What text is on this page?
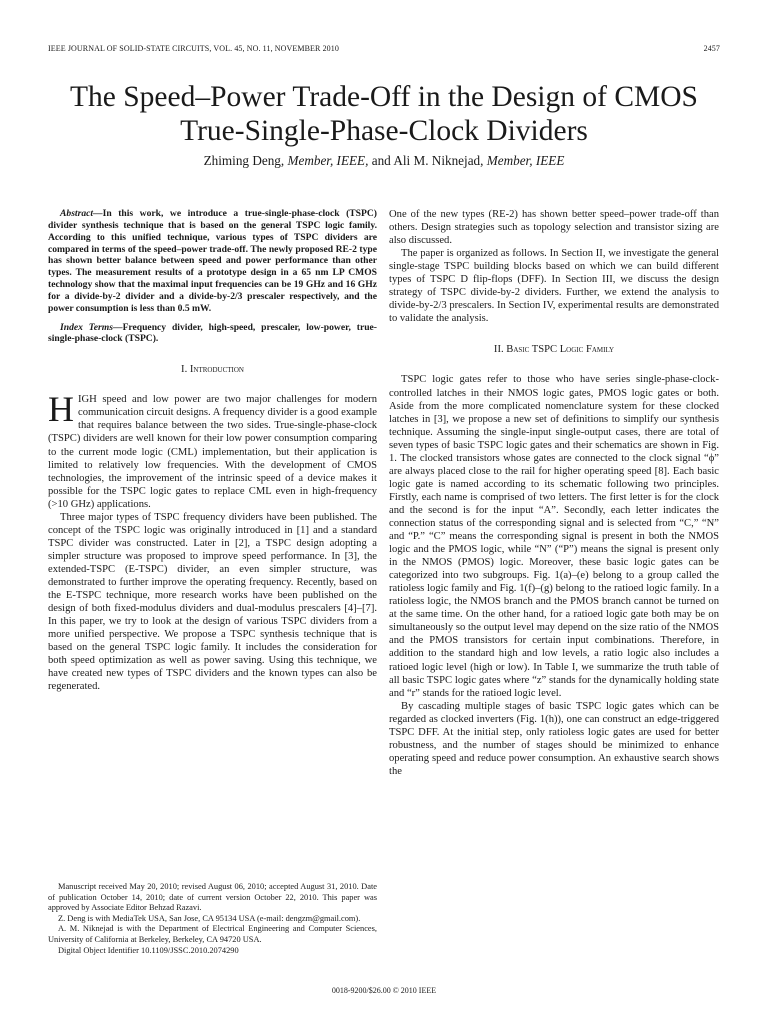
IEEE JOURNAL OF SOLID-STATE CIRCUITS, VOL. 45, NO. 11, NOVEMBER 2010	2457
The Speed–Power Trade-Off in the Design of CMOS
True-Single-Phase-Clock Dividers
Zhiming Deng, Member, IEEE, and Ali M. Niknejad, Member, IEEE

Abstract—In this work, we introduce a true-single-phase-clock (TSPC) divider synthesis technique that is based on the general TSPC logic family. According to this unified technique, various types of TSPC dividers are compared in terms of the speed–power trade-off. The newly proposed RE-2 type has shown better balance between speed and power performance than other types. The measurement results of a prototype design in a 65 nm LP CMOS technology show that the maximal input frequencies can be 19 GHz and 16 GHz for a divide-by-2 divider and a divide-by-2/3 prescaler respectively, and the power consumption is less than 0.5 mW.

Index Terms—Frequency divider, high-speed, prescaler, low-power, true-single-phase-clock (TSPC).

I. Introduction

HIGH speed and low power are two major challenges for modern communication circuit designs. A frequency divider is a good example that requires balance between the two sides. True-single-phase-clock (TSPC) dividers are well known for their low power consumption comparing to the current mode logic (CML) implementation, but their application is limited to relatively low frequencies. With the development of CMOS technologies, the improvement of the intrinsic speed of a device makes it possible for the TSPC logic gates to replace CML even in high-frequency (>10 GHz) applications.

Three major types of TSPC frequency dividers have been published. The concept of the TSPC logic was originally introduced in [1] and a standard TSPC divider was constructed. Later in [2], a TSPC design adopting a simpler structure was proposed to improve speed performance. In [3], the extended-TSPC (E-TSPC) divider, an even simpler structure, was demonstrated to further improve the operating frequency. Recently, based on the E-TSPC technique, more research works have been published on the design of both fixed-modulus dividers and dual-modulus prescalers [4]–[7]. In this paper, we try to look at the design of various TSPC dividers from a more unified perspective. We propose a TSPC synthesis technique that is based on the general TSPC logic family. It includes the consideration for both speed optimization as well as power saving. Using this technique, we have created new types of TSPC dividers and the known types can also be regenerated.

One of the new types (RE-2) has shown better speed–power trade-off than others. Design strategies such as topology selection and transistor sizing are also discussed.

The paper is organized as follows. In Section II, we investigate the general single-stage TSPC building blocks based on which we can build different types of TSPC D flip-flops (DFF). In Section III, we discuss the design strategy of TSPC divide-by-2 dividers. Further, we extend the analysis to divide-by-2/3 prescalers. In Section IV, experimental results are demonstrated to validate the analysis.

II. Basic TSPC Logic Family

TSPC logic gates refer to those who have series single-phase-clock-controlled latches in their NMOS logic gates, PMOS logic gates or both. Aside from the more complicated nomenclature system for these clocked latches in [3], we propose a new set of definitions to simplify our synthesis technique. Assuming the single-input single-output cases, there are total of seven types of basic TSPC logic gates and their schematics are shown in Fig. 1. The clocked transistors whose gates are connected to the clock signal “ϕ” are always placed close to the rail for higher operating speed [8]. Each basic logic gate is named according to its schematic following two principles. Firstly, each name is comprised of two letters. The first letter is for the clock and the second is for the input “A”. Secondly, each letter indicates the connection status of the corresponding signal and is selected from “C,” “N” and “P.” “C” means the corresponding signal is present in both the NMOS logic and the PMOS logic, while “N” (“P”) means the signal is present only in the NMOS (PMOS) logic. Moreover, these basic logic gates can be categorized into two subgroups. Fig. 1(a)–(e) belong to a group called the ratioless logic family and Fig. 1(f)–(g) belong to the ratioed logic family. In a ratioless logic, the NMOS branch and the PMOS branch cannot be turned on at the same time. On the other hand, for a ratioed logic gate both may be on simultaneously so the output level may depend on the size ratio of the NMOS and the PMOS transistors for certain input combinations. Therefore, in addition to the standard high and low levels, a ratio logic also includes a ratioed logic level (high or low). In Table I, we summarize the truth table of all basic TSPC logic gates where “z” stands for the dynamically holding state and “r” stands for the ratioed logic level.

By cascading multiple stages of basic TSPC logic gates which can be regarded as clocked inverters (Fig. 1(h)), one can construct an edge-triggered TSPC DFF. At the initial step, only ratioless logic gates are used for better robustness, and the number of stages should be minimized to enhance operating speed and reduce power consumption. An exhaustive search shows the

Manuscript received May 20, 2010; revised August 06, 2010; accepted August 31, 2010. Date of publication October 14, 2010; date of current version October 22, 2010. This paper was approved by Associate Editor Behzad Razavi.

Z. Deng is with MediaTek USA, San Jose, CA 95134 USA (e-mail: dengzm@gmail.com).

A. M. Niknejad is with the Department of Electrical Engineering and Computer Sciences, University of California at Berkeley, Berkeley, CA 94720 USA.

Digital Object Identifier 10.1109/JSSC.2010.2074290

0018-9200/$26.00 © 2010 IEEE
